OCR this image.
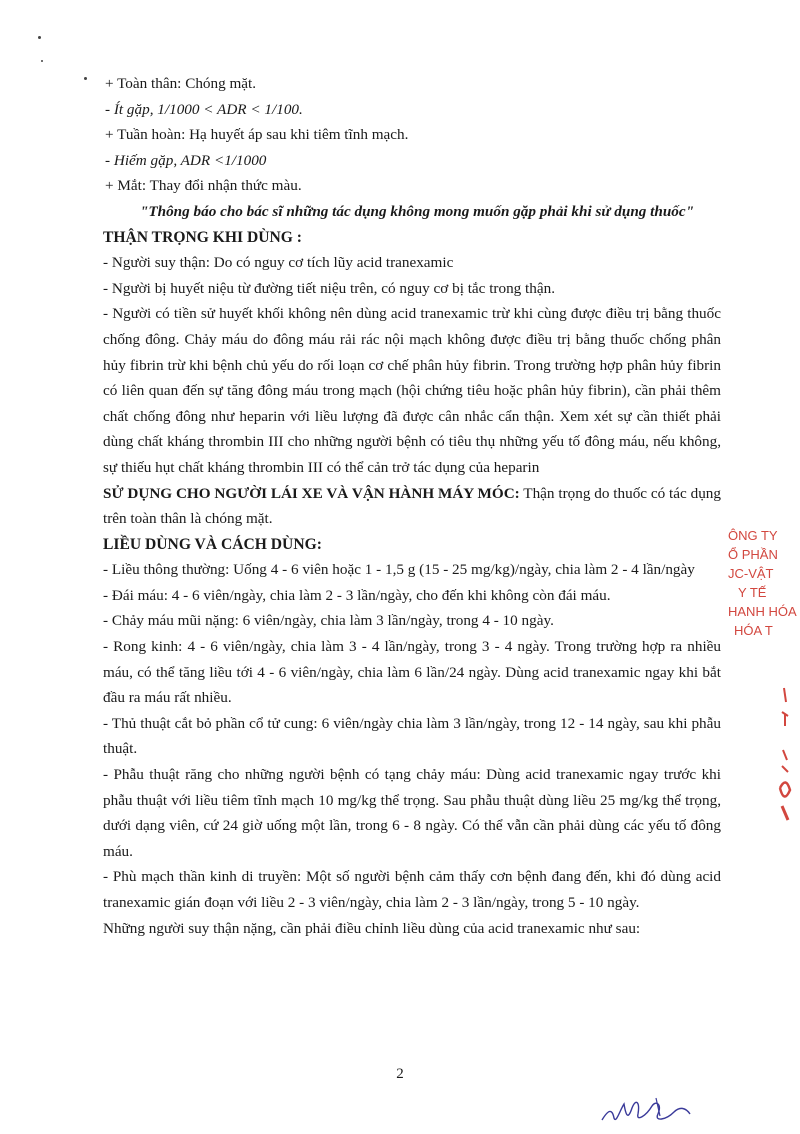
+ Toàn thân: Chóng mặt.

- Ít gặp, 1/1000 < ADR < 1/100.

+ Tuần hoàn: Hạ huyết áp sau khi tiêm tĩnh mạch.

- Hiếm gặp, ADR <1/1000

+ Mắt: Thay đổi nhận thức màu.

"Thông báo cho bác sĩ những tác dụng không mong muốn gặp phải khi sử dụng thuốc"

THẬN TRỌNG KHI DÙNG :

- Người suy thận: Do có nguy cơ tích lũy acid tranexamic

- Người bị huyết niệu từ đường tiết niệu trên, có nguy cơ bị tắc trong thận.

- Người có tiền sử huyết khối không nên dùng acid tranexamic trừ khi cùng được điều trị bằng thuốc chống đông. Chảy máu do đông máu rải rác nội mạch không được điều trị bằng thuốc chống phân hủy fibrin trừ khi bệnh chủ yếu do rối loạn cơ chế phân hủy fibrin. Trong trường hợp phân hủy fibrin có liên quan đến sự tăng đông máu trong mạch (hội chứng tiêu hoặc phân hủy fibrin), cần phải thêm chất chống đông như heparin với liều lượng đã được cân nhắc cẩn thận. Xem xét sự cần thiết phải dùng chất kháng thrombin III cho những người bệnh có tiêu thụ những yếu tố đông máu, nếu không, sự thiếu hụt chất kháng thrombin III có thể cản trở tác dụng của heparin

SỬ DỤNG CHO NGƯỜI LÁI XE VÀ VẬN HÀNH MÁY MÓC: Thận trọng do thuốc có tác dụng trên toàn thân là chóng mặt.

LIỀU DÙNG VÀ CÁCH DÙNG:

- Liều thông thường: Uống 4 - 6 viên hoặc 1 - 1,5 g (15 - 25 mg/kg)/ngày, chia làm 2 - 4 lần/ngày

- Đái máu: 4 - 6 viên/ngày, chia làm 2 - 3 lần/ngày, cho đến khi không còn đái máu.

- Chảy máu mũi nặng: 6 viên/ngày, chia làm 3 lần/ngày, trong 4 - 10 ngày.

- Rong kinh: 4 - 6 viên/ngày, chia làm 3 - 4 lần/ngày, trong 3 - 4 ngày. Trong trường hợp ra nhiều máu, có thể tăng liều tới 4 - 6 viên/ngày, chia làm 6 lần/24 ngày. Dùng acid tranexamic ngay khi bắt đầu ra máu rất nhiều.

- Thủ thuật cắt bỏ phần cổ tử cung: 6 viên/ngày chia làm 3 lần/ngày, trong 12 - 14 ngày, sau khi phẫu thuật.

- Phẫu thuật răng cho những người bệnh có tạng chảy máu: Dùng acid tranexamic ngay trước khi phẫu thuật với liều tiêm tĩnh mạch 10 mg/kg thể trọng. Sau phẫu thuật dùng liều 25 mg/kg thể trọng, dưới dạng viên, cứ 24 giờ uống một lần, trong 6 - 8 ngày. Có thể vẫn cần phải dùng các yếu tố đông máu.

- Phù mạch thần kinh di truyền: Một số người bệnh cảm thấy cơn bệnh đang đến, khi đó dùng acid tranexamic gián đoạn với liều 2 - 3 viên/ngày, chia làm 2 - 3 lần/ngày, trong 5 - 10 ngày.

Những người suy thận nặng, cần phải điều chỉnh liều dùng của acid tranexamic như sau:

2
ÔNG TY
Ổ PHẦN
JC-VẬT
Y TẾ
HANH HÓA
HÓA T
